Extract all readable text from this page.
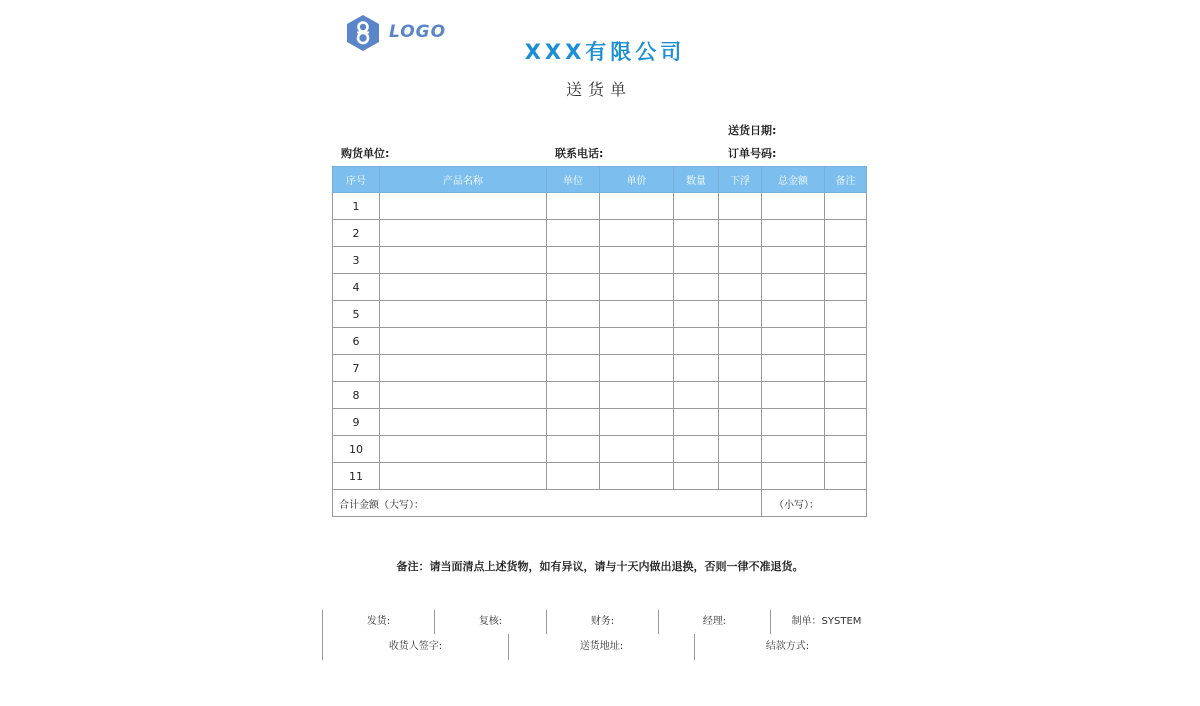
LOGO
XXX有限公司
送货单
送货日期:
购货单位:	联系电话:	订单号码:
序号	产品名称	单位	单价	数量	下浮	总金额	备注
1							
2							
3							
4							
5							
6							
7							
8							
9							
10							
11							
合计金额（大写）：						（小写）：	
备注：请当面清点上述货物，如有异议，请与十天内做出退换，否则一律不准退货。
发货:	复核:	财务:	经理:	制单：SYSTEM
收货人签字:	送货地址:	结款方式:
